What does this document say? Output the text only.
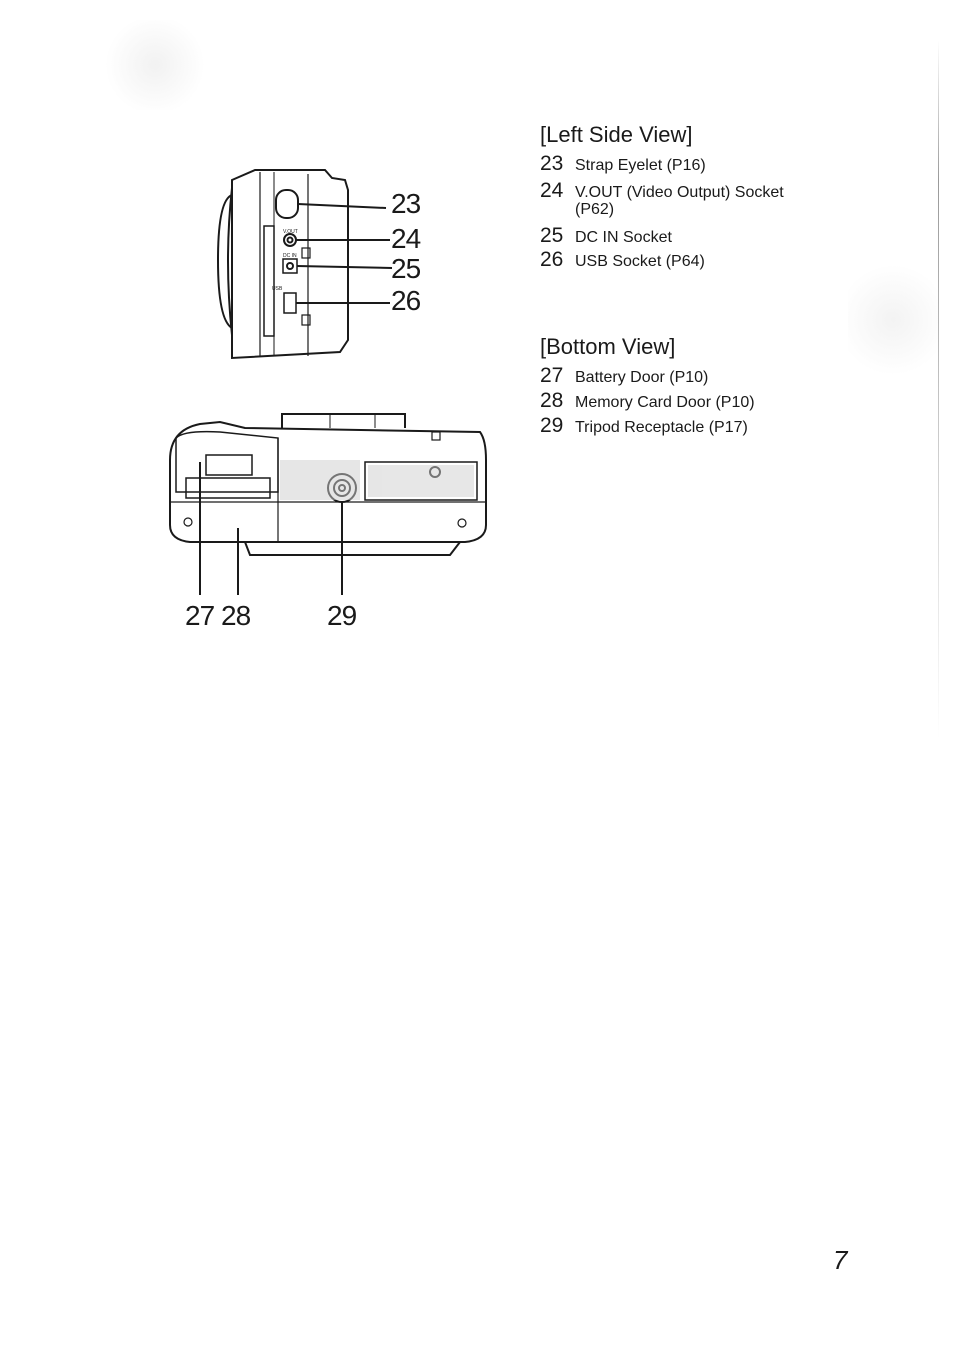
V.OUT
DC IN
USB
23
24
25
26
27 28	29
[Left Side View]
23 Strap Eyelet (P16)
24 V.OUT (Video Output) Socket
(P62)
25 DC IN Socket
26 USB Socket (P64)
[Bottom View]
27 Battery Door (P10)
28 Memory Card Door (P10)
29 Tripod Receptacle (P17)
7
